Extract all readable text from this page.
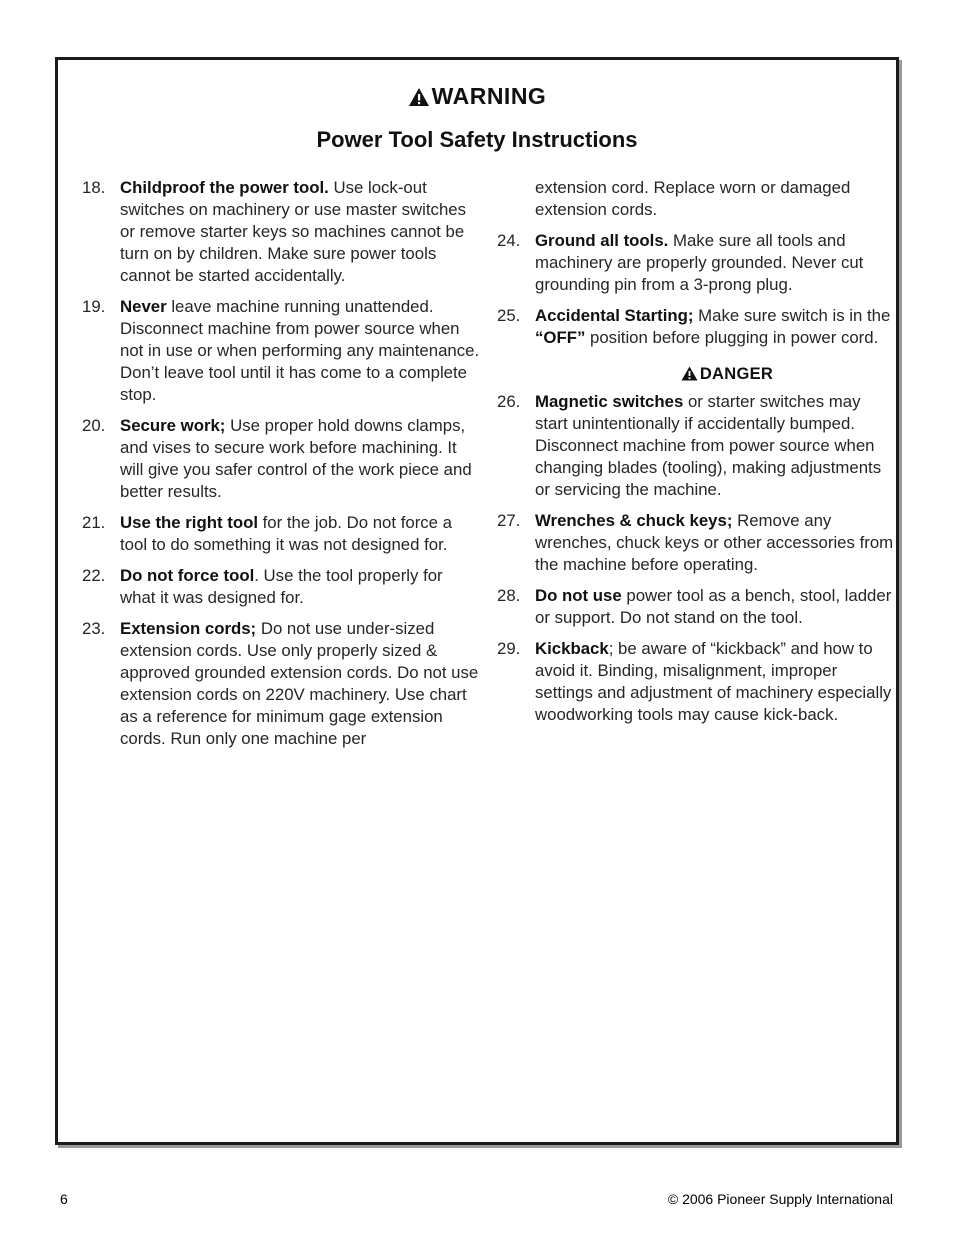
WARNING
Power Tool Safety Instructions
18. Childproof the power tool. Use lock-out switches on machinery or use master switches or remove starter keys so machines cannot be turn on by children. Make sure power tools cannot be started accidentally.
19. Never leave machine running unattended. Disconnect machine from power source when not in use or when performing any maintenance. Don’t leave tool until it has come to a complete stop.
20. Secure work; Use proper hold downs clamps, and vises to secure work before machining. It will give you safer control of the work piece and better results.
21. Use the right tool for the job. Do not force a tool to do something it was not designed for.
22. Do not force tool. Use the tool properly for what it was designed for.
23. Extension cords; Do not use under-sized extension cords. Use only properly sized & approved grounded extension cords. Do not use extension cords on 220V machinery. Use chart as a reference for minimum gage extension cords. Run only one machine per
extension cord. Replace worn or damaged extension cords.
24. Ground all tools. Make sure all tools and machinery are properly grounded. Never cut grounding pin from a 3-prong plug.
25. Accidental Starting; Make sure switch is in the “OFF” position before plugging in power cord.
DANGER
26. Magnetic switches or starter switches may start unintentionally if accidentally bumped. Disconnect machine from power source when changing blades (tooling), making adjustments or servicing the machine.
27. Wrenches & chuck keys; Remove any wrenches, chuck keys or other accessories from the machine before operating.
28. Do not use power tool as a bench, stool, ladder or support. Do not stand on the tool.
29. Kickback; be aware of “kickback” and how to avoid it. Binding, misalignment, improper settings and adjustment of machinery especially woodworking tools may cause kick-back.
6	© 2006 Pioneer Supply International
